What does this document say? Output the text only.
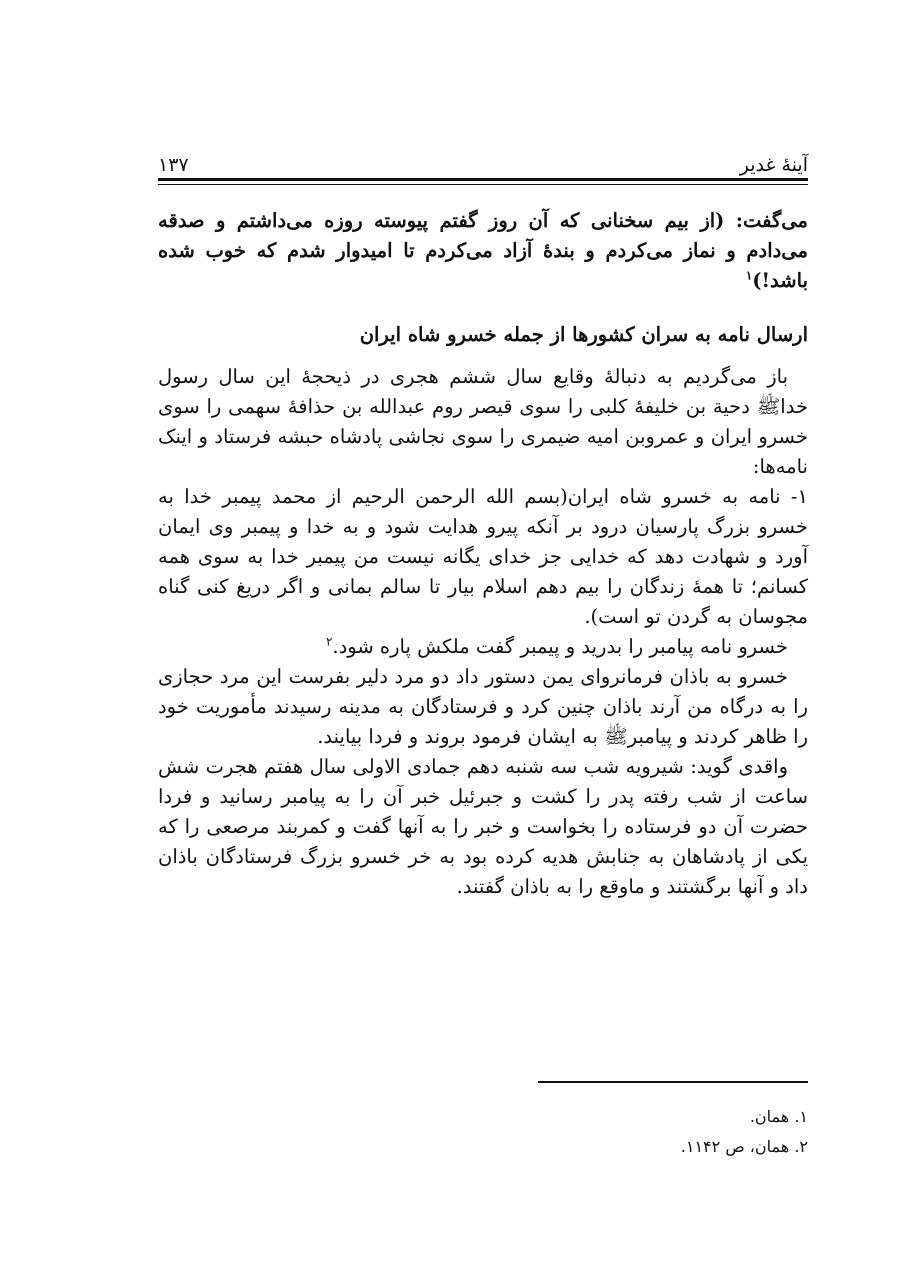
آینهٔ غدیر
۱۳۷

می‌گفت: (از بیم سخنانی که آن روز گفتم پیوسته روزه می‌داشتم و صدقه می‌دادم و نماز می‌کردم و بندهٔ آزاد می‌کردم تا امیدوار شدم که خوب شده باشد!)$^۱$

ارسال نامه به سران کشورها از جمله خسرو شاه ایران

باز می‌گردیم به دنبالهٔ وقایع سال ششم هجری در ذیحجهٔ این سال رسول خداﷺ دحیة بن خلیفهٔ کلبی را سوی قیصر روم عبدالله بن حذافهٔ سهمی را سوی خسرو ایران و عمروبن امیه ضیمری را سوی نجاشی پادشاه حبشه فرستاد و اینک نامه‌ها:

۱- نامه به خسرو شاه ایران(بسم الله الرحمن الرحیم از محمد پیمبر خدا به خسرو بزرگ پارسیان درود بر آنکه پیرو هدایت شود و به خدا و پیمبر وی ایمان آورد و شهادت دهد که خدایی جز خدای یگانه نیست من پیمبر خدا به سوی همه کسانم؛ تا همهٔ زندگان را بیم دهم اسلام بیار تا سالم بمانی و اگر دریغ کنی گناه مجوسان به گردن تو است).

خسرو نامه پیامبر را بدرید و پیمبر گفت ملکش پاره شود.$^۲$

خسرو به باذان فرمانروای یمن دستور داد دو مرد دلیر بفرست این مرد حجازی را به درگاه من آرند باذان چنین کرد و فرستادگان به مدینه رسیدند مأموریت خود را ظاهر کردند و پیامبرﷺ به ایشان فرمود بروند و فردا بیایند.

واقدی گوید: شیرویه شب سه شنبه دهم جمادی الاولی سال هفتم هجرت شش ساعت از شب رفته پدر را کشت و جبرئیل خبر آن را به پیامبر رسانید و فردا حضرت آن دو فرستاده را بخواست و خبر را به آنها گفت و کمربند مرصعی را که یکی از پادشاهان به جنابش هدیه کرده بود به خر خسرو بزرگ فرستادگان باذان داد و آنها برگشتند و ماوقع را به باذان گفتند.

۱. همان.
۲. همان، ص ۱۱۴۲.
